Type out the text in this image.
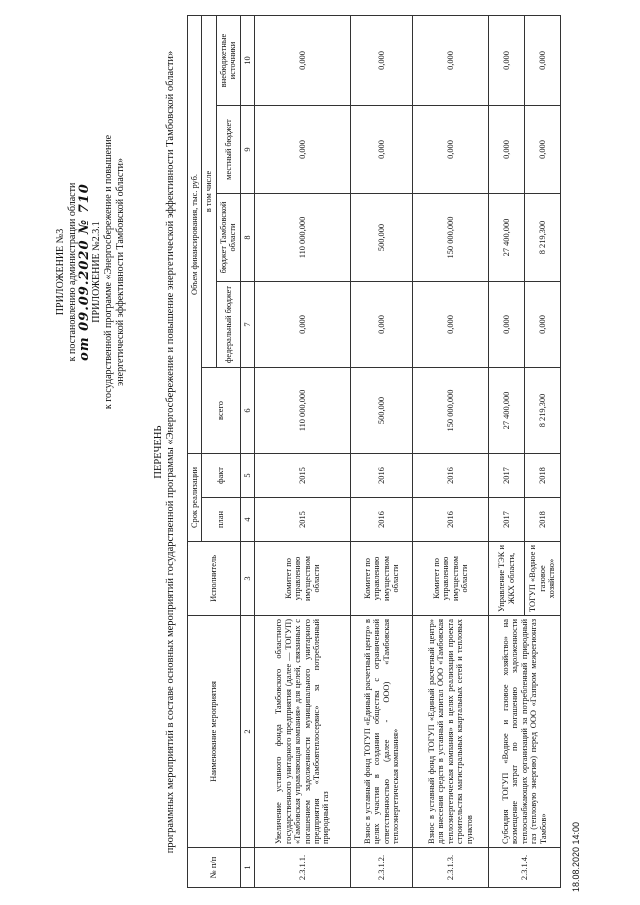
ПРИЛОЖЕНИЕ №3 к постановлению администрации области от 09.09.2020 № 710 ПРИЛОЖЕНИЕ №2.3.1 к государственной программе «Энергосбережение и повышение энергетической эффективности Тамбовской области»
ПЕРЕЧЕНЬ программных мероприятий в составе основных мероприятий государственной программы «Энергосбережение и повышение энергетической эффективности Тамбовской области»
№ п/п	Наименование мероприятия	Исполнитель	Срок реализации		Объем финансирования, тыс. руб.				
			план	факт	всего	в том числе			
						федеральный бюджет	бюджет Тамбовской области	местный бюджет	внебюджетные источники
1	2	3	4	5	6	7	8	9	10
2.3.1.1.	Увеличение уставного фонда Тамбовского областного государственного унитарного предприятия (далее — ТОГУП) «Тамбовская управляющая компания» для целей, связанных с погашением задолженности муниципального унитарного предприятия «Тамбовтеплосервис» за потребленный природный газ	Комитет по управлению имуществом области	2015	2015	110 000,000	0,000	110 000,000	0,000	0,000
2.3.1.2.	Взнос в уставный фонд ТОГУП «Единый расчетный центр» в целях участия в создании общества с ограниченной ответственностью (далее - ООО) «Тамбовская теплоэнергетическая компания»	Комитет по управлению имуществом области	2016	2016	500,000	0,000	500,000	0,000	0,000
2.3.1.3.	Взнос в уставный фонд ТОГУП «Единый расчетный центр» для внесения средств в уставный капитал ООО «Тамбовская теплоэнергетическая компания» в целях реализации проекта строительства магистральных квартальных сетей и тепловых пунктов	Комитет по управлению имуществом области	2016	2016	150 000,000	0,000	150 000,000	0,000	0,000
2.3.1.4.	Субсидия ТОГУП «Водное и газовое хозяйство» на возмещение затрат по погашению задолженности теплоснабжающих организаций за потребленный природный газ (тепловую энергию) перед ООО «Газпром межрегионгаз Тамбов»	Управление ТЭК и ЖКХ области,	2017	2017	27 400,000	0,000	27 400,000	0,000	0,000
		ТОГУП «Водное и газовое хозяйство»	2018	2018	8 219,300	0,000	8 219,300	0,000	0,000
18.08.2020 14:00
